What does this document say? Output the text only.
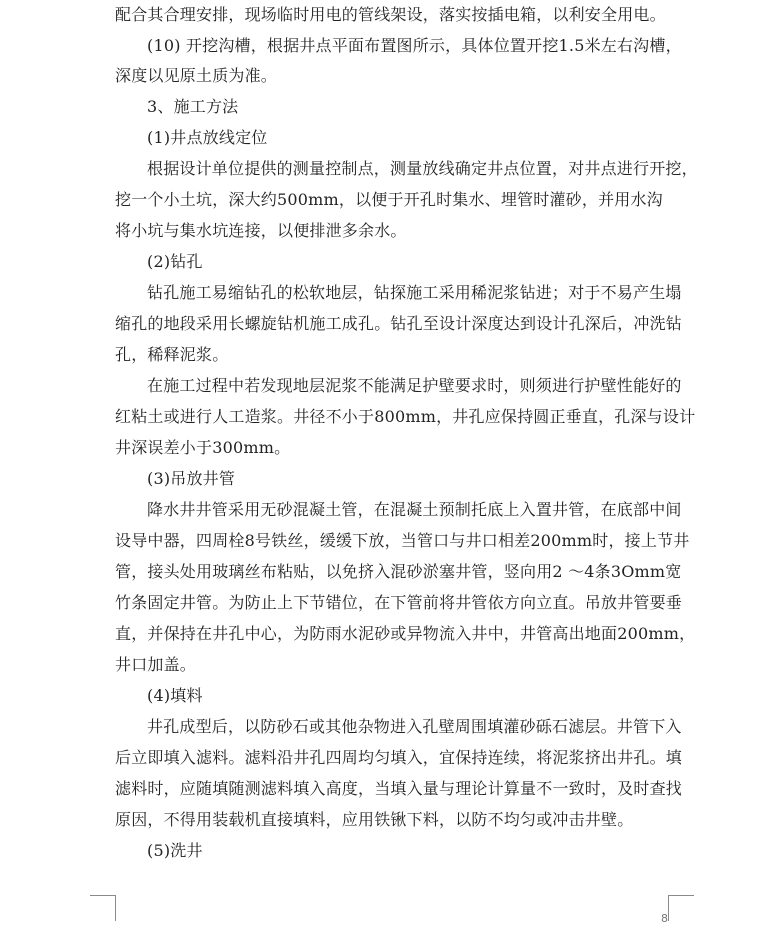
配合其合理安排，现场临时用电的管线架设，落实按插电箱，以利安全用电。
(10) 开挖沟槽，根据井点平面布置图所示，具体位置开挖1.5米左右沟槽，
深度以见原土质为准。
3、施工方法
(1)井点放线定位
根据设计单位提供的测量控制点，测量放线确定井点位置，对井点进行开挖，
挖一个小土坑，深大约500mm，以便于开孔时集水、埋管时灌砂，并用水沟
将小坑与集水坑连接，以便排泄多余水。
(2)钻孔
钻孔施工易缩钻孔的松软地层，钻探施工采用稀泥浆钻进；对于不易产生塌
缩孔的地段采用长螺旋钻机施工成孔。钻孔至设计深度达到设计孔深后，冲洗钻
孔，稀释泥浆。
在施工过程中若发现地层泥浆不能满足护壁要求时，则须进行护壁性能好的
红粘土或进行人工造浆。井径不小于800mm，井孔应保持圆正垂直，孔深与设计
井深误差小于300mm。
(3)吊放井管
降水井井管采用无砂混凝土管，在混凝土预制托底上入置井管，在底部中间
设导中器，四周栓8号铁丝，缓缓下放，当管口与井口相差200mm时，接上节井
管，接头处用玻璃丝布粘贴，以免挤入混砂淤塞井管，竖向用2 ～4条3Omm宽
竹条固定井管。为防止上下节错位，在下管前将井管依方向立直。吊放井管要垂
直，并保持在井孔中心，为防雨水泥砂或异物流入井中，井管高出地面200mm，
井口加盖。
(4)填料
井孔成型后，以防砂石或其他杂物进入孔壁周围填灌砂砾石滤层。井管下入
后立即填入滤料。滤料沿井孔四周均匀填入，宜保持连续，将泥浆挤出井孔。填
滤料时，应随填随测滤料填入高度，当填入量与理论计算量不一致时，及时查找
原因，不得用装载机直接填料，应用铁锹下料，以防不均匀或冲击井壁。
(5)洗井
8
